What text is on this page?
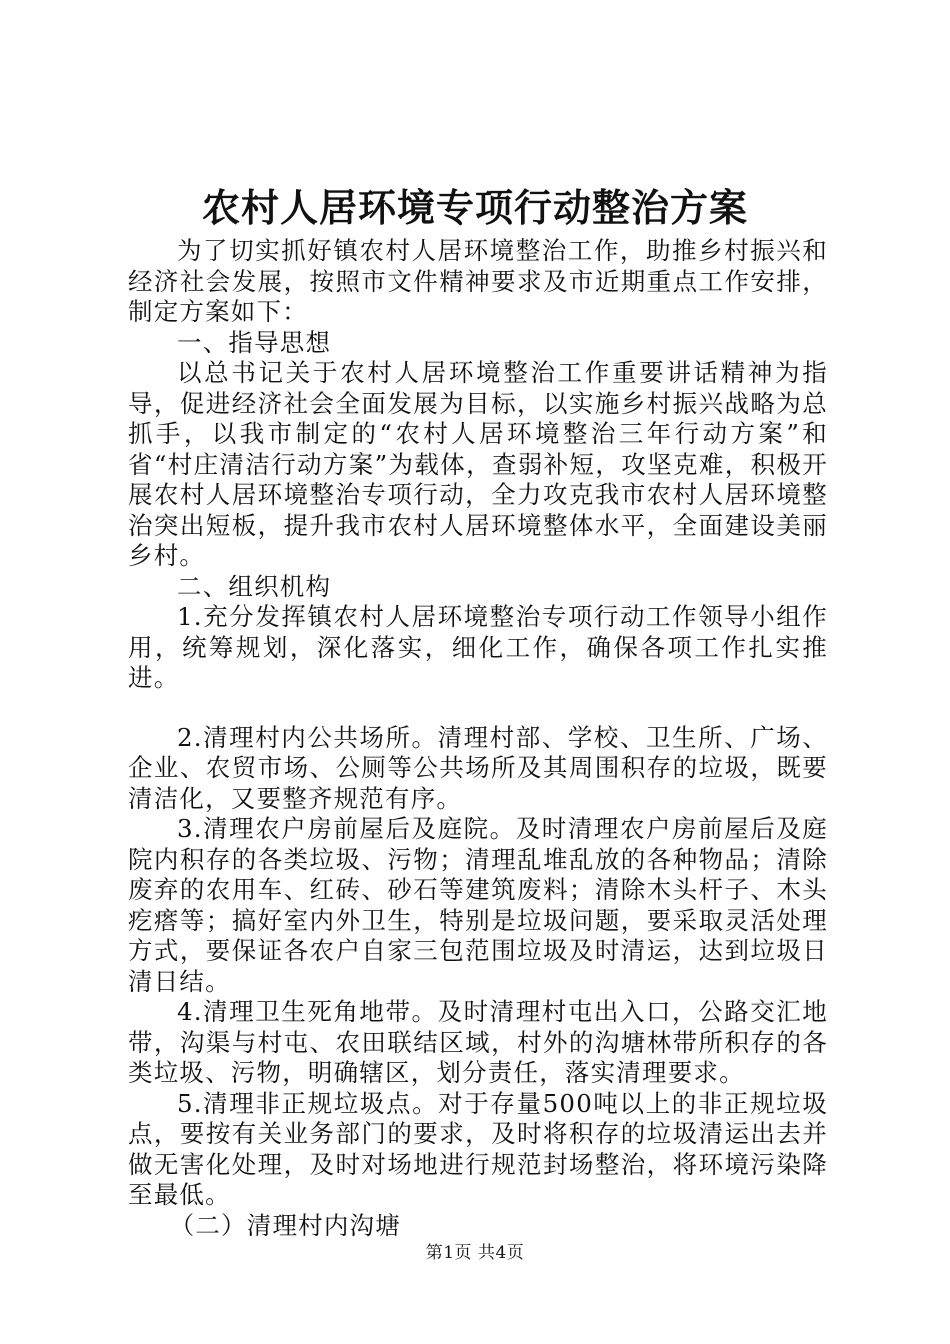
农村人居环境专项行动整治方案

为了切实抓好镇农村人居环境整治工作，助推乡村振兴和经济社会发展，按照市文件精神要求及市近期重点工作安排，制定方案如下：

一、指导思想

以总书记关于农村人居环境整治工作重要讲话精神为指导，促进经济社会全面发展为目标，以实施乡村振兴战略为总抓手，以我市制定的“农村人居环境整治三年行动方案”和省“村庄清洁行动方案”为载体，查弱补短，攻坚克难，积极开展农村人居环境整治专项行动，全力攻克我市农村人居环境整治突出短板，提升我市农村人居环境整体水平，全面建设美丽乡村。

二、组织机构

1.充分发挥镇农村人居环境整治专项行动工作领导小组作用，统筹规划，深化落实，细化工作，确保各项工作扎实推进。

2.清理村内公共场所。清理村部、学校、卫生所、广场、企业、农贸市场、公厕等公共场所及其周围积存的垃圾，既要清洁化，又要整齐规范有序。

3.清理农户房前屋后及庭院。及时清理农户房前屋后及庭院内积存的各类垃圾、污物；清理乱堆乱放的各种物品；清除废弃的农用车、红砖、砂石等建筑废料；清除木头杆子、木头疙瘩等；搞好室内外卫生，特别是垃圾问题，要采取灵活处理方式，要保证各农户自家三包范围垃圾及时清运，达到垃圾日清日结。

4.清理卫生死角地带。及时清理村屯出入口，公路交汇地带，沟渠与村屯、农田联结区域，村外的沟塘林带所积存的各类垃圾、污物，明确辖区，划分责任，落实清理要求。

5.清理非正规垃圾点。对于存量500吨以上的非正规垃圾点，要按有关业务部门的要求，及时将积存的垃圾清运出去并做无害化处理，及时对场地进行规范封场整治，将环境污染降至最低。

（二）清理村内沟塘

第1页 共4页
